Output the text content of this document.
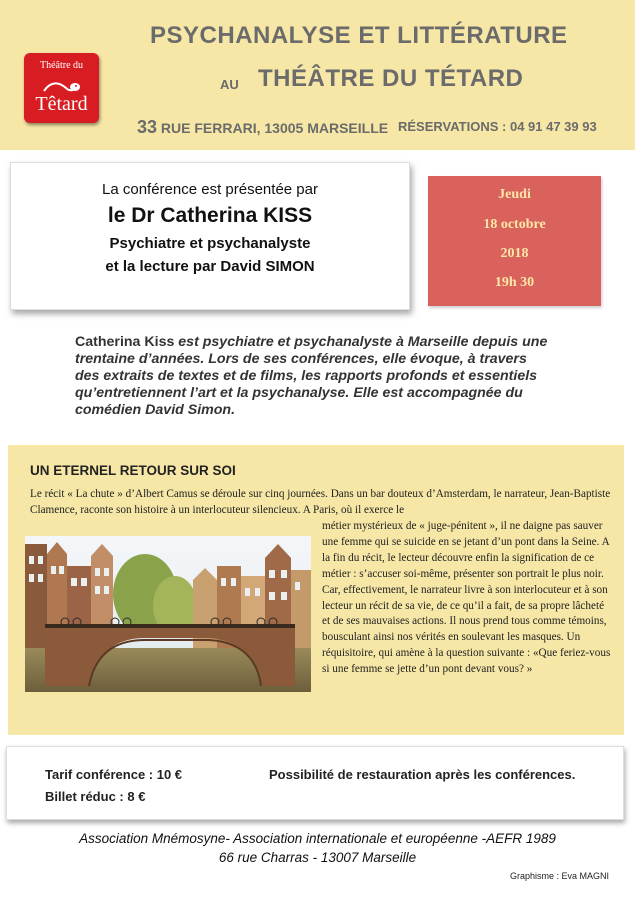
Théâtre du
Têtard
PSYCHANALYSE ET LITTÉRATURE
AU THÉÂTRE DU TÉTARD
33 RUE FERRARI, 13005 MARSEILLE RÉSERVATIONS : 04 91 47 39 93
La conférence est présentée par
le Dr Catherina KISS
Psychiatre et psychanalyste
et la lecture par David SIMON
Jeudi
18 octobre
2018
19h 30
Catherina Kiss est psychiatre et psychanalyste à Marseille depuis une trentaine d’années. Lors de ses conférences, elle évoque, à travers des extraits de textes et de films, les rapports profonds et essentiels qu’entretiennent l’art et la psychanalyse. Elle est accompagnée du comédien David Simon.
UN ETERNEL RETOUR SUR SOI
Le récit « La chute » d’Albert Camus se déroule sur cinq journées. Dans un bar douteux d’Amsterdam, le narrateur, Jean-Baptiste Clamence, raconte son histoire à un interlocuteur silencieux. A Paris, où il exerce le
métier mystérieux de « juge-pénitent », il ne daigne pas sauver une femme qui se suicide en se jetant d’un pont dans la Seine. A la fin du récit, le lecteur découvre enfin la signification de ce métier : s’accuser soi-même, présenter son portrait le plus noir. Car, effectivement, le narrateur livre à son interlocuteur et à son lecteur un récit de sa vie, de ce qu’il a fait, de sa propre lâcheté et de ses mauvaises actions. Il nous prend tous comme témoins, bousculant ainsi nos vérités en soulevant les masques. Un réquisitoire, qui amène à la question suivante : «Que feriez-vous si une femme se jette d’un pont devant vous? »
Tarif conférence : 10 €
Billet réduc : 8 €
Possibilité de restauration après les conférences.
Association Mnémosyne- Association internationale et européenne -AEFR 1989
66 rue Charras - 13007 Marseille
Graphisme : Eva MAGNI
